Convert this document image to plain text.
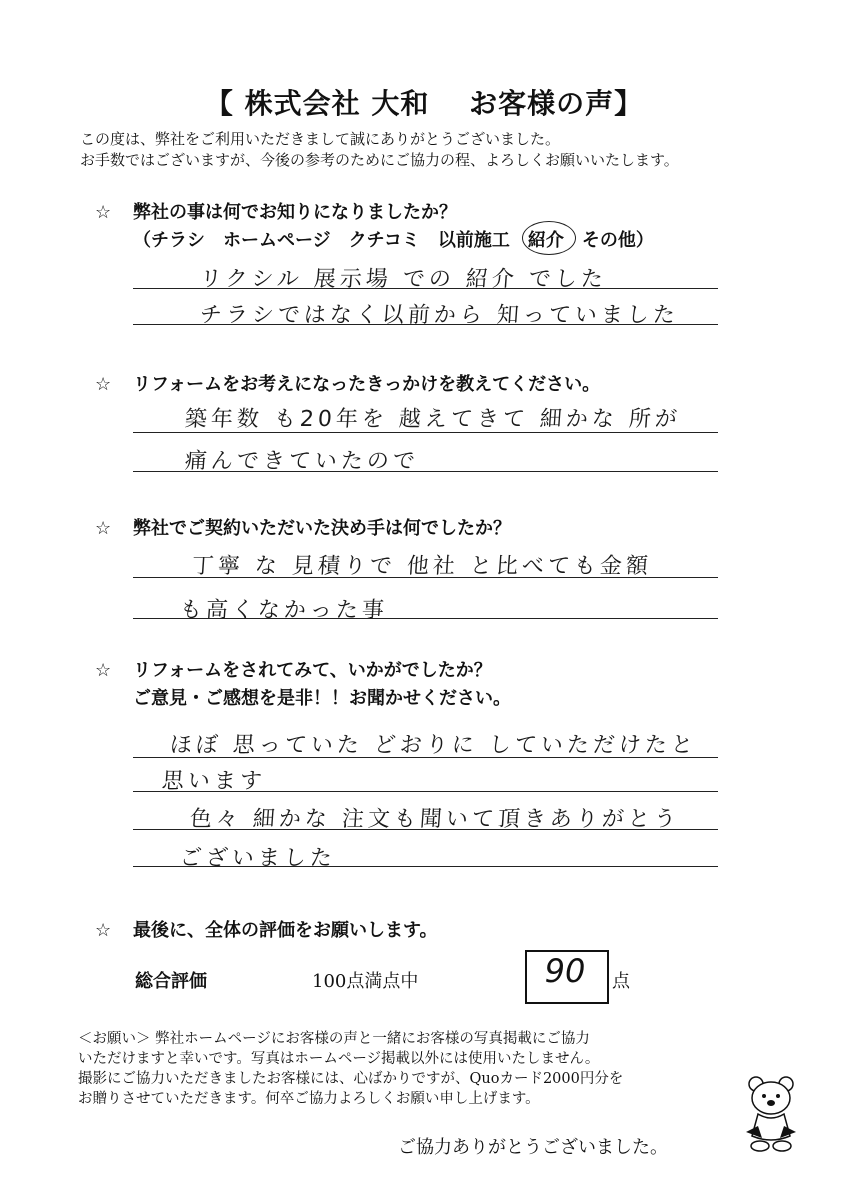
【 株式会社 大和　 お客様の声】
この度は、弊社をご利用いただきまして誠にありがとうございました。
お手数ではございますが、今後の参考のためにご協力の程、よろしくお願いいたします。
☆ 弊社の事は何でお知りになりましたか？
（チラシ　ホームページ　クチコミ　以前施工　紹介
　その他）
リクシル 展示場 での 紹介 でした
チラシではなく以前から 知っていました
☆ リフォームをお考えになったきっかけを教えてください。
築年数 も20年を 越えてきて 細かな 所が
痛んできていたので
☆ 弊社でご契約いただいた決め手は何でしたか？
丁寧 な 見積りで 他社 と比べても金額
も高くなかった事
☆ リフォームをされてみて、いかがでしたか？
ご意見・ご感想を是非！！お聞かせください。
ほぼ 思っていた どおりに していただけたと
思います
色々 細かな 注文も聞いて頂きありがとう
ございました
☆ 最後に、全体の評価をお願いします。
総合評価	100点満点中	90	点
＜お願い＞ 弊社ホームページにお客様の声と一緒にお客様の写真掲載にご協力
いただけますと幸いです。写真はホームページ掲載以外には使用いたしません。
撮影にご協力いただきましたお客様には、心ばかりですが、Quoカード2000円分を
お贈りさせていただきます。何卒ご協力よろしくお願い申し上げます。
ご協力ありがとうございました。
